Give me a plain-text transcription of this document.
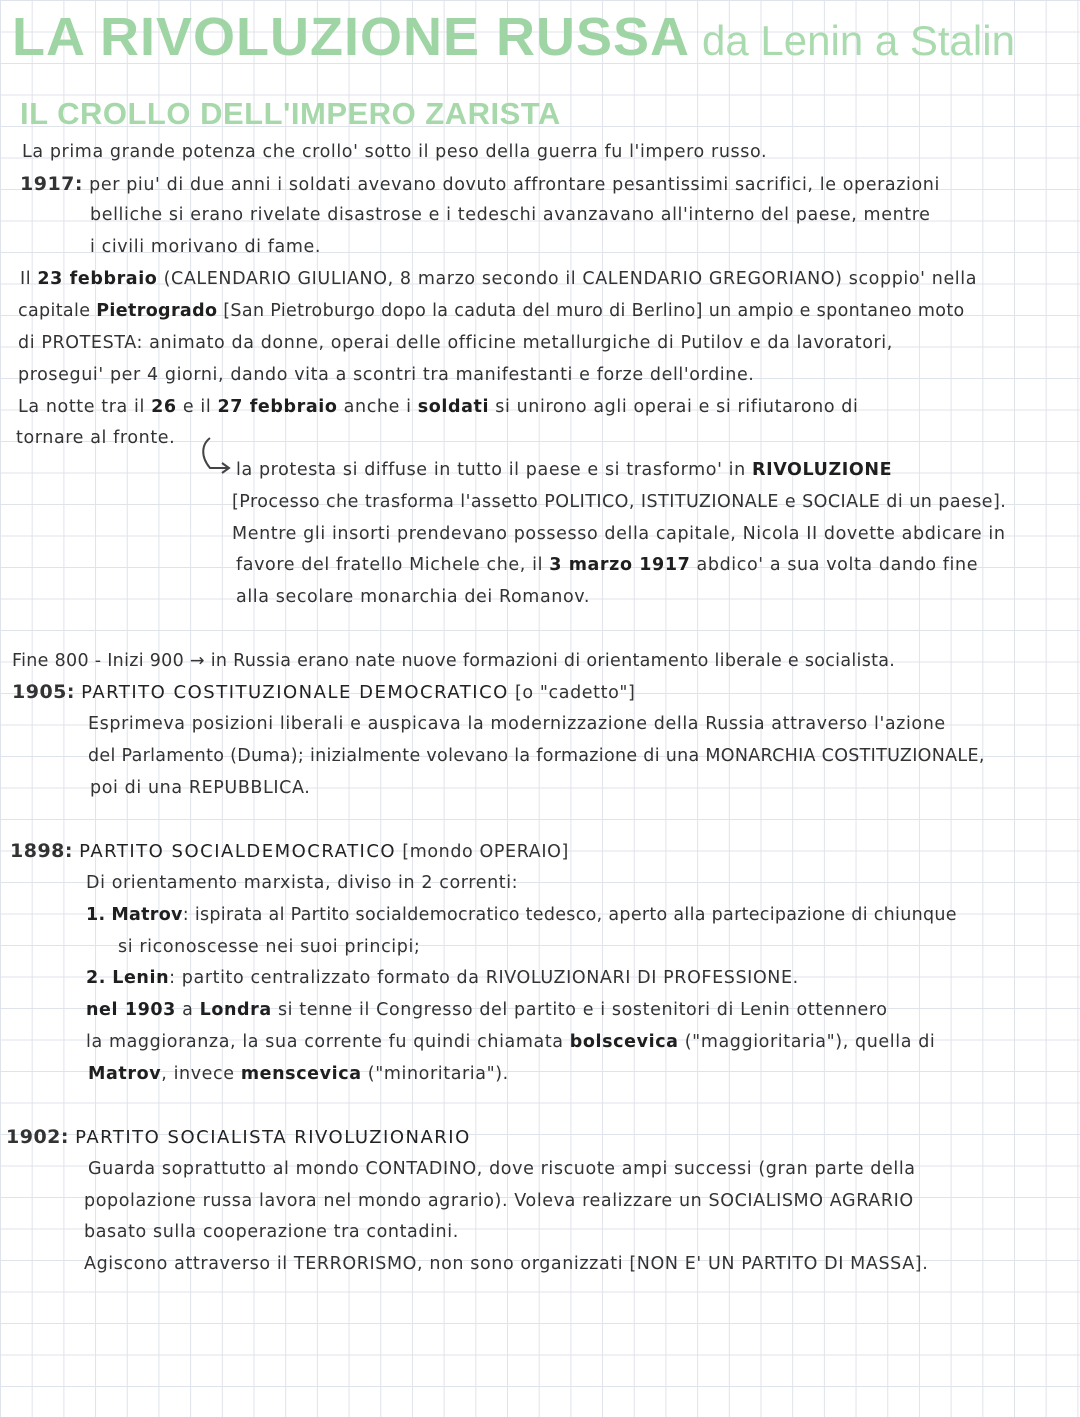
LA RIVOLUZIONE RUSSA da Lenin a Stalin
IL CROLLO DELL'IMPERO ZARISTA
La prima grande potenza che crollo' sotto il peso della guerra fu l'impero russo.
1917: per piu' di due anni i soldati avevano dovuto affrontare pesantissimi sacrifici, le operazioni
belliche si erano rivelate disastrose e i tedeschi avanzavano all'interno del paese, mentre
i civili morivano di fame.
Il 23 febbraio (CALENDARIO GIULIANO, 8 marzo secondo il CALENDARIO GREGORIANO) scoppio' nella
capitale Pietrogrado [San Pietroburgo dopo la caduta del muro di Berlino] un ampio e spontaneo moto
di PROTESTA: animato da donne, operai delle officine metallurgiche di Putilov e da lavoratori,
prosegui' per 4 giorni, dando vita a scontri tra manifestanti e forze dell'ordine.
La notte tra il 26 e il 27 febbraio anche i soldati si unirono agli operai e si rifiutarono di
tornare al fronte.
la protesta si diffuse in tutto il paese e si trasformo' in RIVOLUZIONE
[Processo che trasforma l'assetto POLITICO, ISTITUZIONALE e SOCIALE di un paese].
Mentre gli insorti prendevano possesso della capitale, Nicola II dovette abdicare in
favore del fratello Michele che, il 3 marzo 1917 abdico' a sua volta dando fine
alla secolare monarchia dei Romanov.
Fine 800 - Inizi 900 → in Russia erano nate nuove formazioni di orientamento liberale e socialista.
1905: PARTITO COSTITUZIONALE DEMOCRATICO [o "cadetto"]
Esprimeva posizioni liberali e auspicava la modernizzazione della Russia attraverso l'azione
del Parlamento (Duma); inizialmente volevano la formazione di una MONARCHIA COSTITUZIONALE,
poi di una REPUBBLICA.
1898: PARTITO SOCIALDEMOCRATICO [mondo OPERAIO]
Di orientamento marxista, diviso in 2 correnti:
1. Matrov: ispirata al Partito socialdemocratico tedesco, aperto alla partecipazione di chiunque
si riconoscesse nei suoi principi;
2. Lenin: partito centralizzato formato da RIVOLUZIONARI DI PROFESSIONE.
nel 1903 a Londra si tenne il Congresso del partito e i sostenitori di Lenin ottennero
la maggioranza, la sua corrente fu quindi chiamata bolscevica ("maggioritaria"), quella di
Matrov, invece menscevica ("minoritaria").
1902: PARTITO SOCIALISTA RIVOLUZIONARIO
Guarda soprattutto al mondo CONTADINO, dove riscuote ampi successi (gran parte della
popolazione russa lavora nel mondo agrario). Voleva realizzare un SOCIALISMO AGRARIO
basato sulla cooperazione tra contadini.
Agiscono attraverso il TERRORISMO, non sono organizzati [NON E' UN PARTITO DI MASSA].
